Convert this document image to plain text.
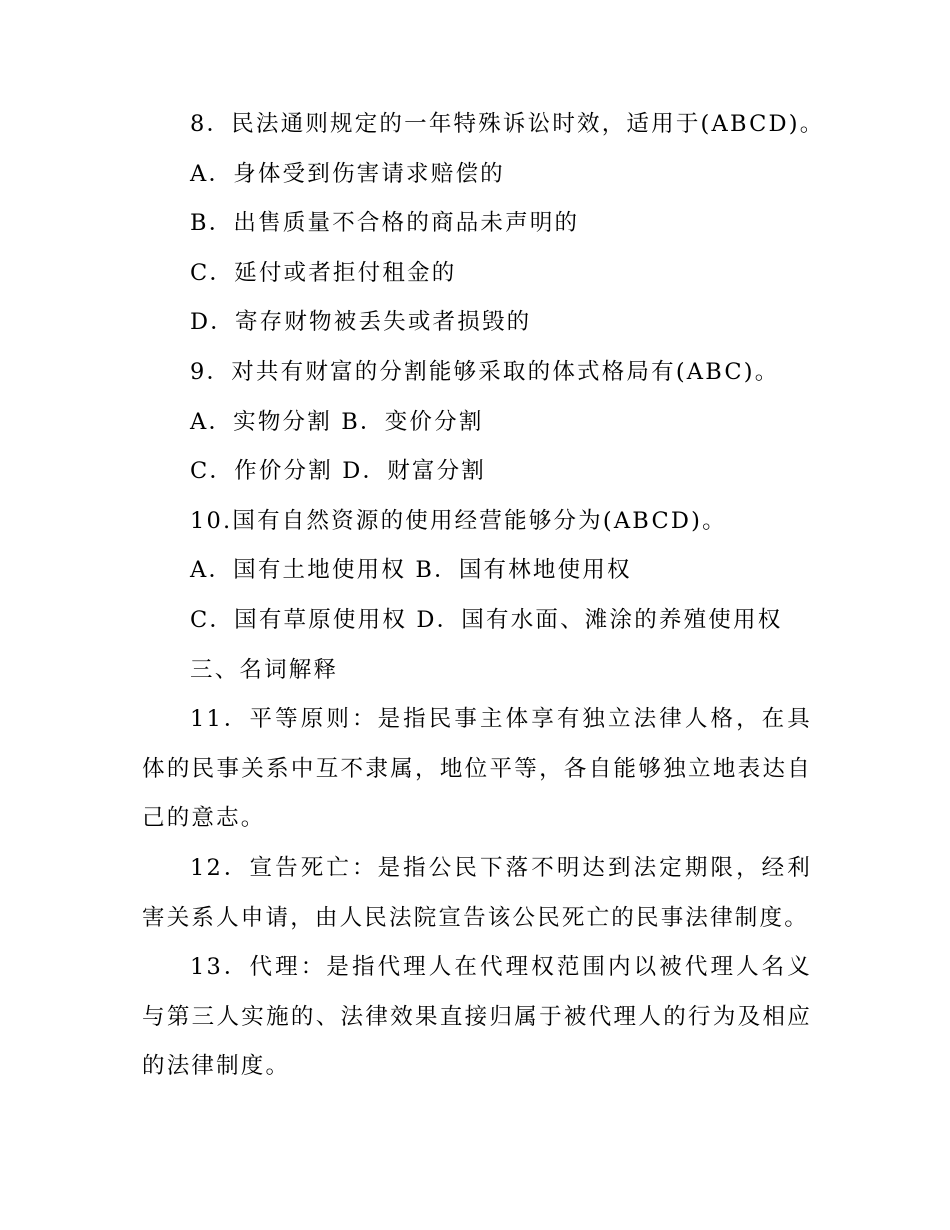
8．民法通则规定的一年特殊诉讼时效，适用于(ABCD)。
A．身体受到伤害请求赔偿的
B．出售质量不合格的商品未声明的
C．延付或者拒付租金的
D．寄存财物被丢失或者损毁的
9．对共有财富的分割能够采取的体式格局有(ABC)。
A．实物分割 B．变价分割
C．作价分割 D．财富分割
10.国有自然资源的使用经营能够分为(ABCD)。
A．国有土地使用权 B．国有林地使用权
C．国有草原使用权 D．国有水面、滩涂的养殖使用权
三、名词解释

11．平等原则：是指民事主体享有独立法律人格，在具体的民事关系中互不隶属，地位平等，各自能够独立地表达自己的意志。

12．宣告死亡：是指公民下落不明达到法定期限，经利害关系人申请，由人民法院宣告该公民死亡的民事法律制度。

13．代理：是指代理人在代理权范围内以被代理人名义与第三人实施的、法律效果直接归属于被代理人的行为及相应的法律制度。
